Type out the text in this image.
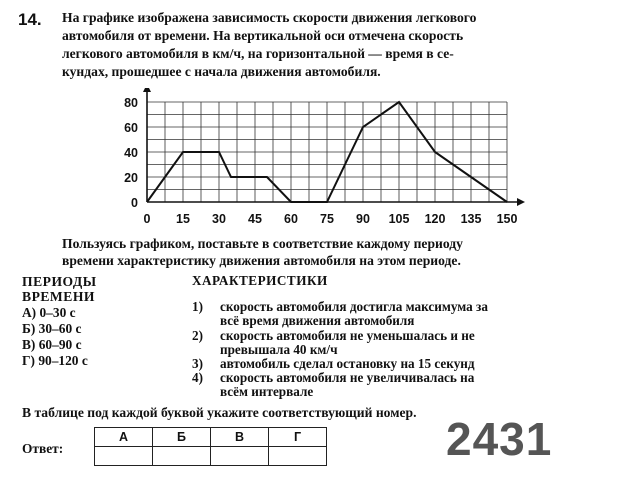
14. На графике изображена зависимость скорости движения легкового
автомобиля от времени. На вертикальной оси отмечена скорость
легкового автомобиля в км/ч, на горизонтальной — время в се-
кундах, прошедшее с начала движения автомобиля.
0
20
40
60
80
0 15 30 45 60 75 90 105 120 135 150
Пользуясь графиком, поставьте в соответствие каждому периоду
времени характеристику движения автомобиля на этом периоде.
ПЕРИОДЫ
ВРЕМЕНИ
А) 0–30 с
Б) 30–60 с
В) 60–90 с
Г) 90–120 с
ХАРАКТЕРИСТИКИ
1)	скорость автомобиля достигла максимума за
всё время движения автомобиля
2)	скорость автомобиля не уменьшалась и не
превышала 40 км/ч
3)	автомобиль сделал остановку на 15 секунд
4)	скорость автомобиля не увеличивалась на
всём интервале
В таблице под каждой буквой укажите соответствующий номер.
Ответ:
А	Б	В	Г
				2431
